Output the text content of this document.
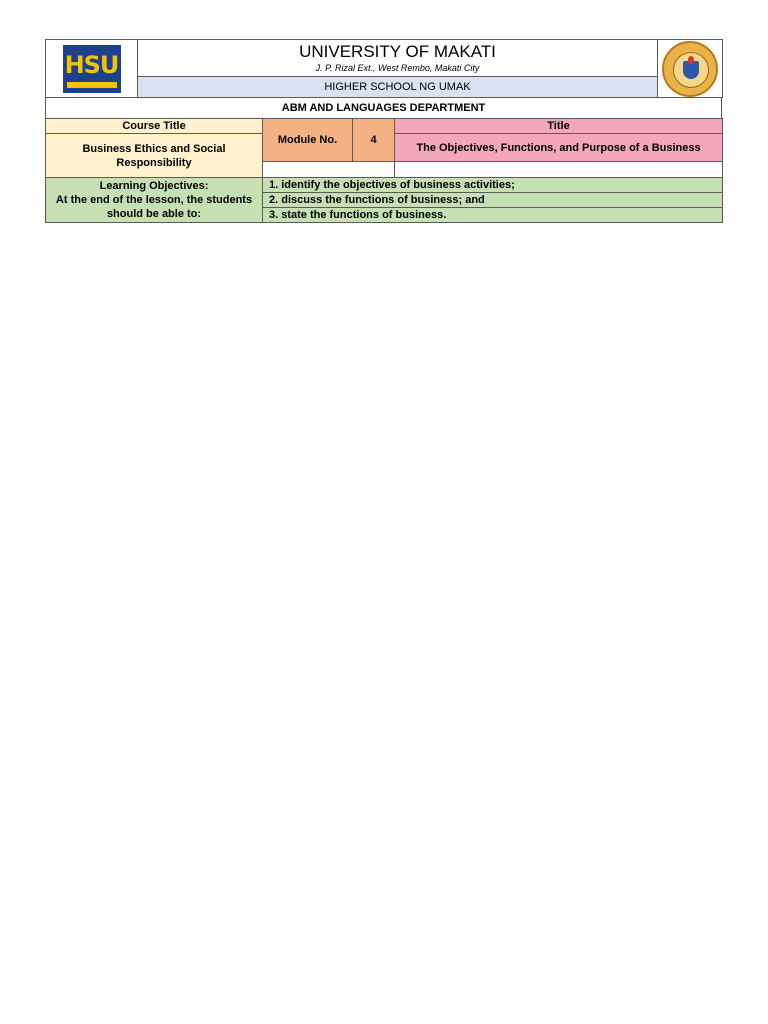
HSU	UNIVERSITY OF MAKATI
J. P. Rizal Ext., West Rembo, Makati City

HIGHER SCHOOL NG UMAK
ABM AND LANGUAGES DEPARTMENT
Course Title	Module No.	4	Title
Business Ethics and Social Responsibility			The Objectives, Functions, and Purpose of a Business

Learning Objectives:
At the end of the lesson, the students should be able to:
	1. identify the objectives of business activities;
2. discuss the functions of business; and
3. state the functions of business.
